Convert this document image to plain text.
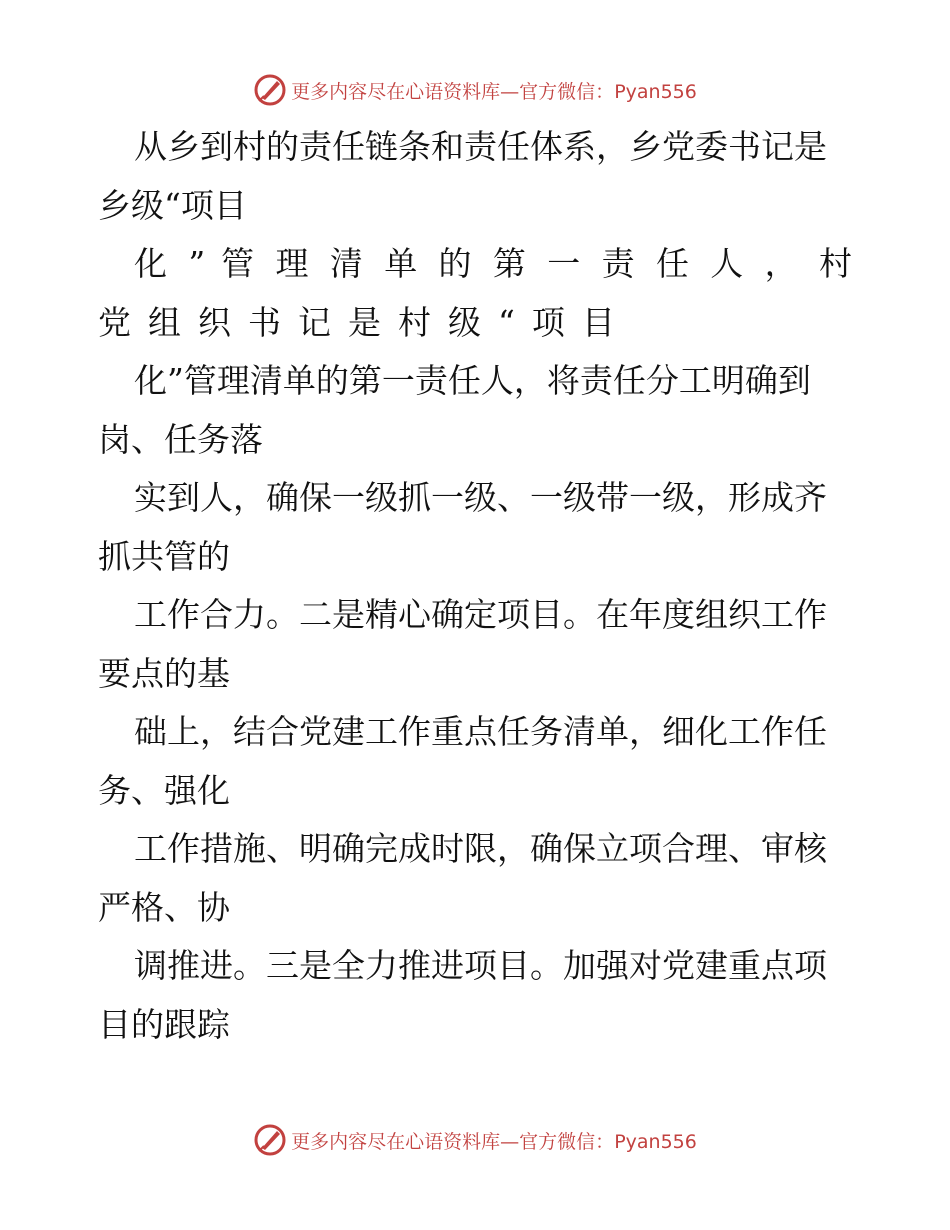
更多内容尽在心语资料库—官方微信：Pyan556
从乡到村的责任链条和责任体系，乡党委书记是
乡级“项目
化 ” 管 理 清 单 的 第 一 责 任 人 ， 村
党组织书记是村级“项目
化”管理清单的第一责任人，将责任分工明确到
岗、任务落
实到人，确保一级抓一级、一级带一级，形成齐
抓共管的
工作合力。二是精心确定项目。在年度组织工作
要点的基
础上，结合党建工作重点任务清单，细化工作任
务、强化
工作措施、明确完成时限，确保立项合理、审核
严格、协
调推进。三是全力推进项目。加强对党建重点项
目的跟踪
更多内容尽在心语资料库—官方微信：Pyan556
